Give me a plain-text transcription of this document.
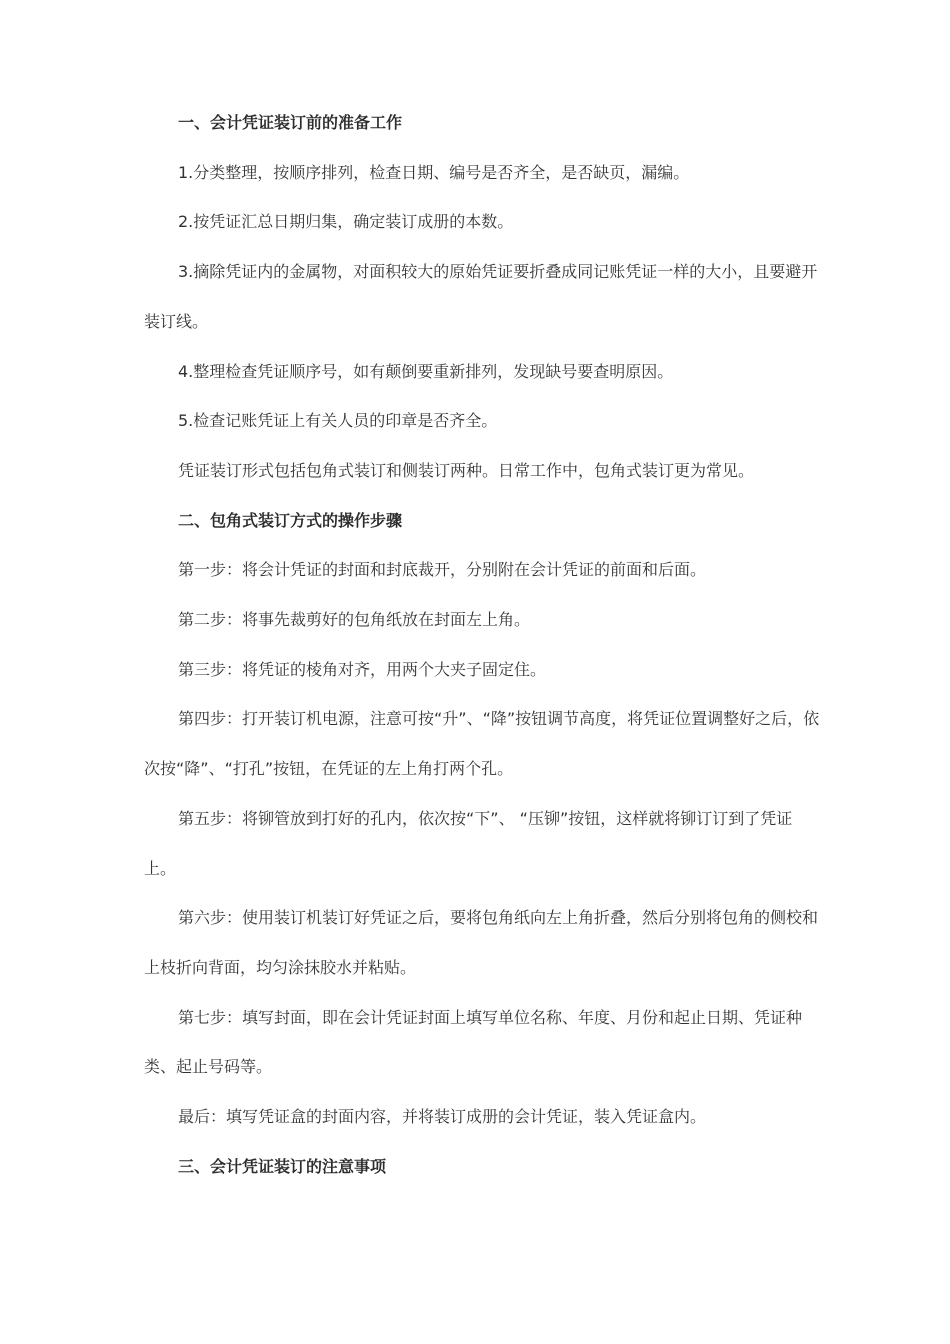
一、会计凭证装订前的准备工作

1.分类整理，按顺序排列，检查日期、编号是否齐全，是否缺页，漏编。

2.按凭证汇总日期归集，确定装订成册的本数。

3.摘除凭证内的金属物，对面积较大的原始凭证要折叠成同记账凭证一样的大小，且要避开装订线。

4.整理检查凭证顺序号，如有颠倒要重新排列，发现缺号要查明原因。

5.检查记账凭证上有关人员的印章是否齐全。

凭证装订形式包括包角式装订和侧装订两种。日常工作中，包角式装订更为常见。

二、包角式装订方式的操作步骤

第一步：将会计凭证的封面和封底裁开，分别附在会计凭证的前面和后面。

第二步：将事先裁剪好的包角纸放在封面左上角。

第三步：将凭证的棱角对齐，用两个大夹子固定住。

第四步：打开装订机电源，注意可按“升”、“降”按钮调节高度，将凭证位置调整好之后，依次按“降”、“打孔”按钮，在凭证的左上角打两个孔。

第五步：将铆管放到打好的孔内，依次按“下”、 “压铆”按钮，这样就将铆订订到了凭证上。

第六步：使用装订机装订好凭证之后，要将包角纸向左上角折叠，然后分别将包角的侧校和上枝折向背面，均匀涂抹胶水并粘贴。

第七步：填写封面，即在会计凭证封面上填写单位名称、年度、月份和起止日期、凭证种类、起止号码等。

最后：填写凭证盒的封面内容，并将装订成册的会计凭证，装入凭证盒内。

三、会计凭证装订的注意事项
